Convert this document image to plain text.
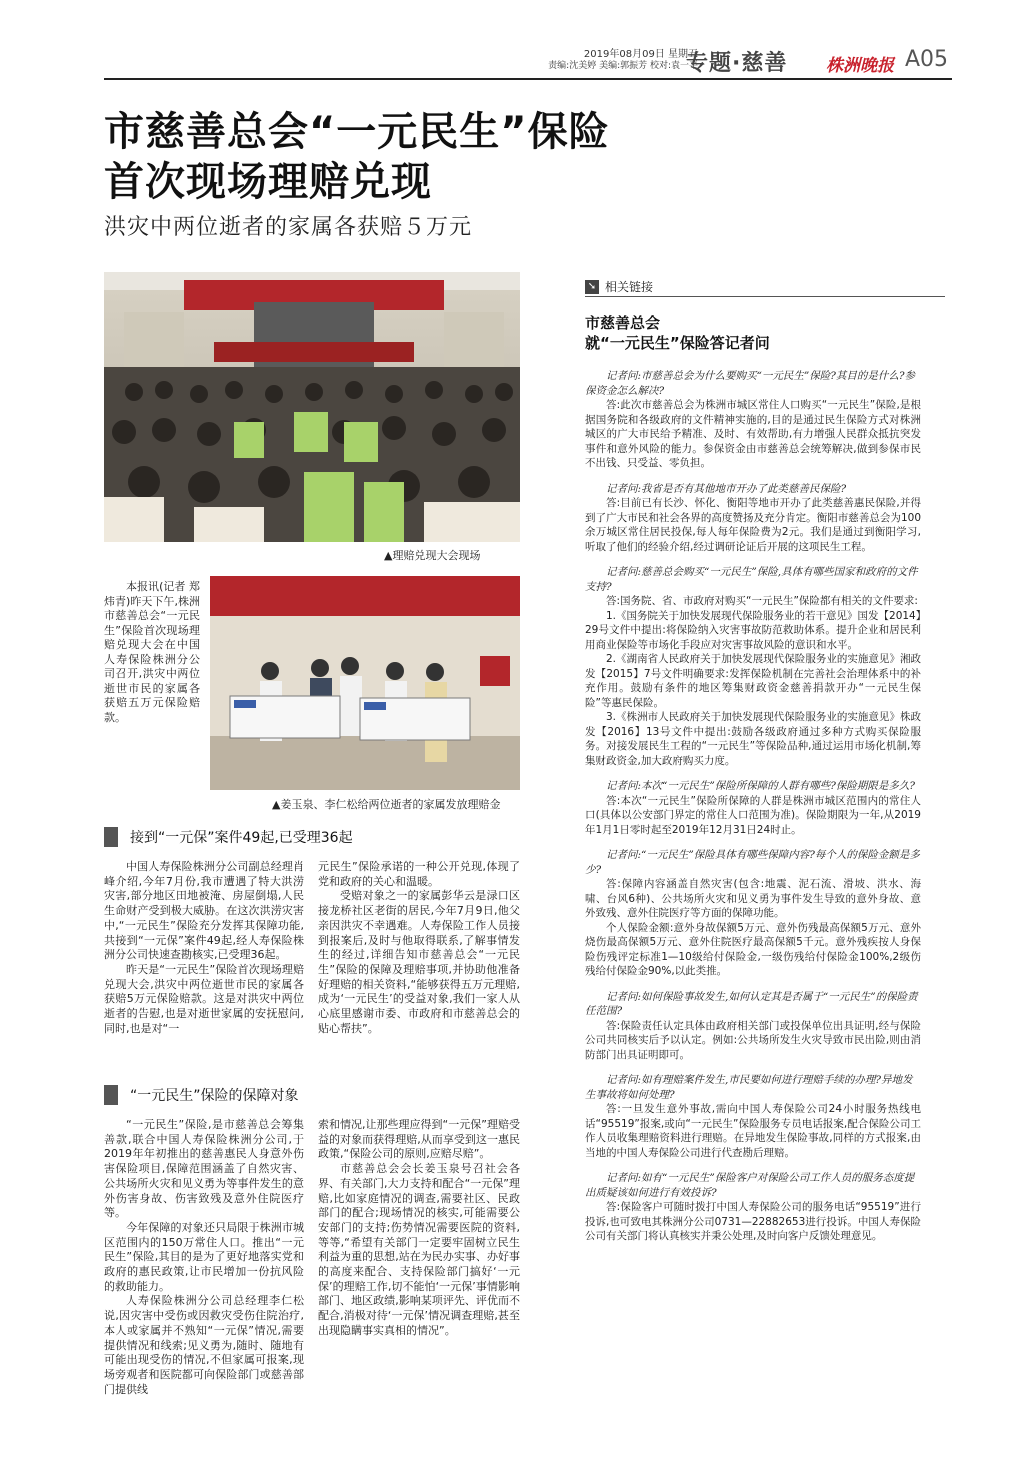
2019年08月09日 星期五
责编:沈美婷 美编:郭振芳 校对:袁一平
专题·慈善 株洲晚报 A05
市慈善总会“一元民生”保险
首次现场理赔兑现
洪灾中两位逝者的家属各获赔５万元
▲理赔兑现大会现场

本报讯(记者 郑炜青)昨天下午,株洲市慈善总会“一元民生”保险首次现场理赔兑现大会在中国人寿保险株洲分公司召开,洪灾中两位逝世市民的家属各获赔五万元保险赔款。

▲姜玉泉、李仁松给两位逝者的家属发放理赔金
接到“一元保”案件49起,已受理36起

中国人寿保险株洲分公司副总经理肖峰介绍,今年7月份,我市遭遇了特大洪涝灾害,部分地区田地被淹、房屋倒塌,人民生命财产受到极大威胁。在这次洪涝灾害中,“一元民生”保险充分发挥其保障功能,共接到“一元保”案件49起,经人寿保险株洲分公司快速查勘核实,已受理36起。

昨天是“一元民生”保险首次现场理赔兑现大会,洪灾中两位逝世市民的家属各获赔5万元保险赔款。这是对洪灾中两位逝者的告慰,也是对逝世家属的安抚慰问,同时,也是对“一

元民生”保险承诺的一种公开兑现,体现了党和政府的关心和温暖。

受赔对象之一的家属彭华云是渌口区接龙桥社区老街的居民,今年7月9日,他父亲因洪灾不幸遇难。人寿保险工作人员接到报案后,及时与他取得联系,了解事情发生的经过,详细告知市慈善总会“一元民生”保险的保障及理赔事项,并协助他准备好理赔的相关资料,“能够获得五万元理赔,成为‘一元民生’的受益对象,我们一家人从心底里感谢市委、市政府和市慈善总会的贴心帮扶”。

“一元民生”保险的保障对象

“一元民生”保险,是市慈善总会筹集善款,联合中国人寿保险株洲分公司,于2019年年初推出的慈善惠民人身意外伤害保险项目,保障范围涵盖了自然灾害、公共场所火灾和见义勇为等事件发生的意外伤害身故、伤害致残及意外住院医疗等。

今年保障的对象还只局限于株洲市城区范围内的150万常住人口。推出“一元民生”保险,其目的是为了更好地落实党和政府的惠民政策,让市民增加一份抗风险的救助能力。

人寿保险株洲分公司总经理李仁松说,因灾害中受伤或因救灾受伤住院治疗,本人或家属并不熟知“一元保”情况,需要提供情况和线索;见义勇为,随时、随地有可能出现受伤的情况,不但家属可报案,现场旁观者和医院都可向保险部门或慈善部门提供线

索和情况,让那些理应得到“一元保”理赔受益的对象而获得理赔,从而享受到这一惠民政策,“保险公司的原则,应赔尽赔”。

市慈善总会会长姜玉泉号召社会各界、有关部门,大力支持和配合“一元保”理赔,比如家庭情况的调查,需要社区、民政部门的配合;现场情况的核实,可能需要公安部门的支持;伤势情况需要医院的资料,等等,“希望有关部门一定要牢固树立民生利益为重的思想,站在为民办实事、办好事的高度来配合、支持保险部门搞好‘一元保’的理赔工作,切不能怕‘一元保’事情影响部门、地区政绩,影响某项评先、评优而不配合,消极对待‘一元保’情况调查理赔,甚至出现隐瞒事实真相的情况”。

➘ 相关链接
市慈善总会
就“一元民生”保险答记者问

记者问:市慈善总会为什么要购买“一元民生”保险?其目的是什么?参保资金怎么解决?

答:此次市慈善总会为株洲市城区常住人口购买“一元民生”保险,是根据国务院和各级政府的文件精神实施的,目的是通过民生保险方式对株洲城区的广大市民给予精准、及时、有效帮助,有力增强人民群众抵抗突发事件和意外风险的能力。参保资金由市慈善总会统筹解决,做到参保市民不出钱、只受益、零负担。

记者问:我省是否有其他地市开办了此类慈善民保险?

答:目前已有长沙、怀化、衡阳等地市开办了此类慈善惠民保险,并得到了广大市民和社会各界的高度赞扬及充分肯定。衡阳市慈善总会为100余万城区常住居民投保,每人每年保险费为2元。我们是通过到衡阳学习,听取了他们的经验介绍,经过调研论证后开展的这项民生工程。

记者问:慈善总会购买“一元民生”保险,具体有哪些国家和政府的文件支持?

答:国务院、省、市政府对购买“一元民生”保险都有相关的文件要求:

1.《国务院关于加快发展现代保险服务业的若干意见》国发【2014】29号文件中提出:将保险纳入灾害事故防范救助体系。提升企业和居民利用商业保险等市场化手段应对灾害事故风险的意识和水平。

2.《湖南省人民政府关于加快发展现代保险服务业的实施意见》湘政发【2015】7号文件明确要求:发挥保险机制在完善社会治理体系中的补充作用。鼓励有条件的地区筹集财政资金慈善捐款开办“一元民生保险”等惠民保险。

3.《株洲市人民政府关于加快发展现代保险服务业的实施意见》株政发【2016】13号文件中提出:鼓励各级政府通过多种方式购买保险服务。对接发展民生工程的“一元民生”等保险品种,通过运用市场化机制,筹集财政资金,加大政府购买力度。

记者问:本次“一元民生”保险所保障的人群有哪些?保险期限是多久?

答:本次“一元民生”保险所保障的人群是株洲市城区范围内的常住人口(具体以公安部门界定的常住人口范围为准)。保险期限为一年,从2019年1月1日零时起至2019年12月31日24时止。

记者问:“一元民生”保险具体有哪些保障内容?每个人的保险金额是多少?

答:保障内容涵盖自然灾害(包含:地震、泥石流、滑坡、洪水、海啸、台风6种)、公共场所火灾和见义勇为事件发生导致的意外身故、意外致残、意外住院医疗等方面的保障功能。

个人保险金额:意外身故保额5万元、意外伤残最高保额5万元、意外烧伤最高保额5万元、意外住院医疗最高保额5千元。意外残疾按人身保险伤残评定标准1—10级给付保险金,一级伤残给付保险金100%,2级伤残给付保险金90%,以此类推。

记者问:如何保险事故发生,如何认定其是否属于“一元民生”的保险责任范围?

答:保险责任认定具体由政府相关部门或投保单位出具证明,经与保险公司共同核实后予以认定。例如:公共场所发生火灾导致市民出险,则由消防部门出具证明即可。

记者问:如有理赔案件发生,市民要如何进行理赔手续的办理?异地发生事故将如何处理?

答:一旦发生意外事故,需向中国人寿保险公司24小时服务热线电话“95519”报案,或向“一元民生”保险服务专员电话报案,配合保险公司工作人员收集理赔资料进行理赔。在异地发生保险事故,同样的方式报案,由当地的中国人寿保险公司进行代查勘后理赔。

记者问:如有“一元民生”保险客户对保险公司工作人员的服务态度提出质疑该如何进行有效投诉?

答:保险客户可随时拨打中国人寿保险公司的服务电话“95519”进行投诉,也可致电其株洲分公司0731—22882653进行投诉。中国人寿保险公司有关部门将认真核实并秉公处理,及时向客户反馈处理意见。
